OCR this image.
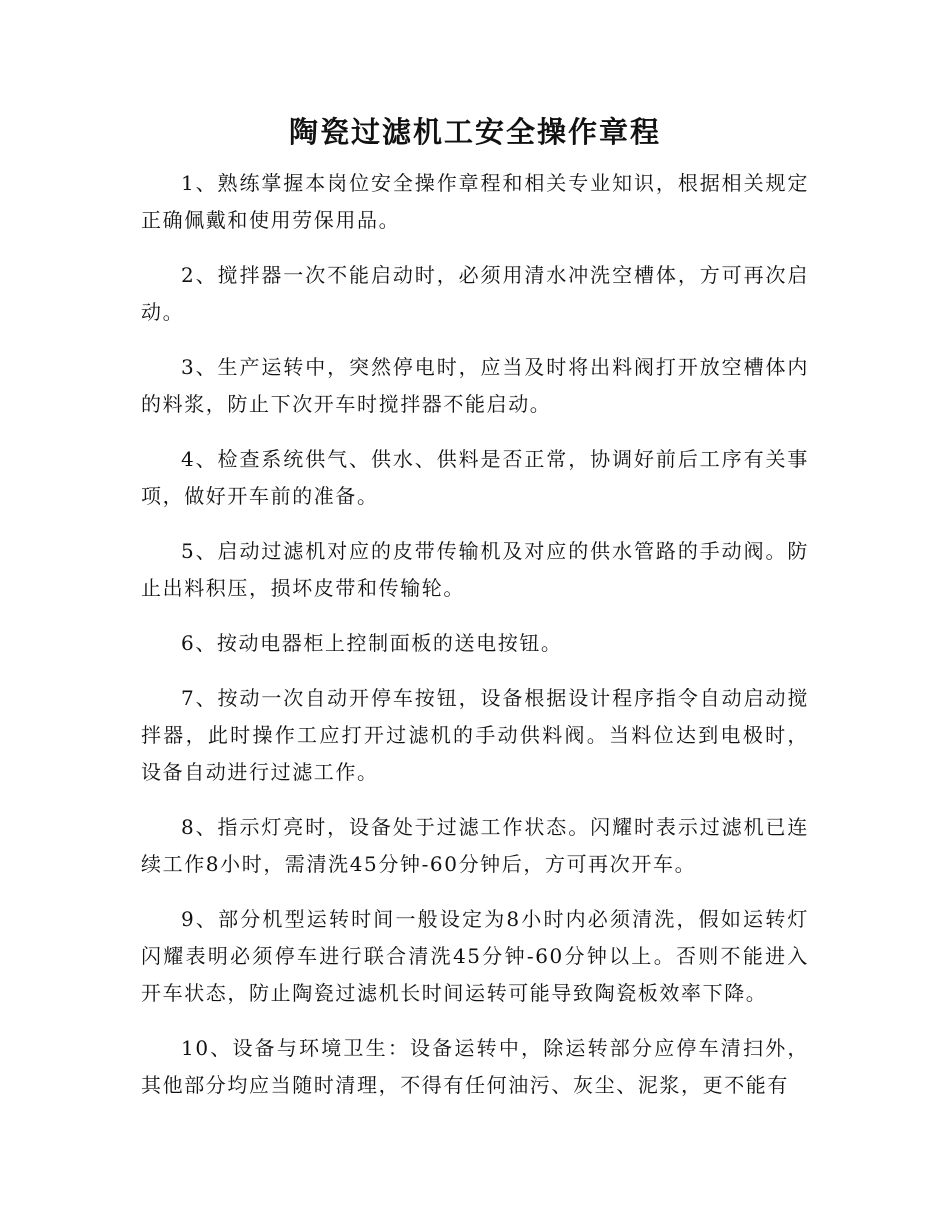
陶瓷过滤机工安全操作章程

1、熟练掌握本岗位安全操作章程和相关专业知识，根据相关规定正确佩戴和使用劳保用品。

2、搅拌器一次不能启动时，必须用清水冲洗空槽体，方可再次启动。

3、生产运转中，突然停电时，应当及时将出料阀打开放空槽体内的料浆，防止下次开车时搅拌器不能启动。

4、检查系统供气、供水、供料是否正常，协调好前后工序有关事项，做好开车前的准备。

5、启动过滤机对应的皮带传输机及对应的供水管路的手动阀。防止出料积压，损坏皮带和传输轮。

6、按动电器柜上控制面板的送电按钮。

7、按动一次自动开停车按钮，设备根据设计程序指令自动启动搅拌器，此时操作工应打开过滤机的手动供料阀。当料位达到电极时，设备自动进行过滤工作。

8、指示灯亮时，设备处于过滤工作状态。闪耀时表示过滤机已连续工作8小时，需清洗45分钟-60分钟后，方可再次开车。

9、部分机型运转时间一般设定为8小时内必须清洗，假如运转灯闪耀表明必须停车进行联合清洗45分钟-60分钟以上。否则不能进入开车状态，防止陶瓷过滤机长时间运转可能导致陶瓷板效率下降。

10、设备与环境卫生：设备运转中，除运转部分应停车清扫外，其他部分均应当随时清理，不得有任何油污、灰尘、泥浆，更不能有
